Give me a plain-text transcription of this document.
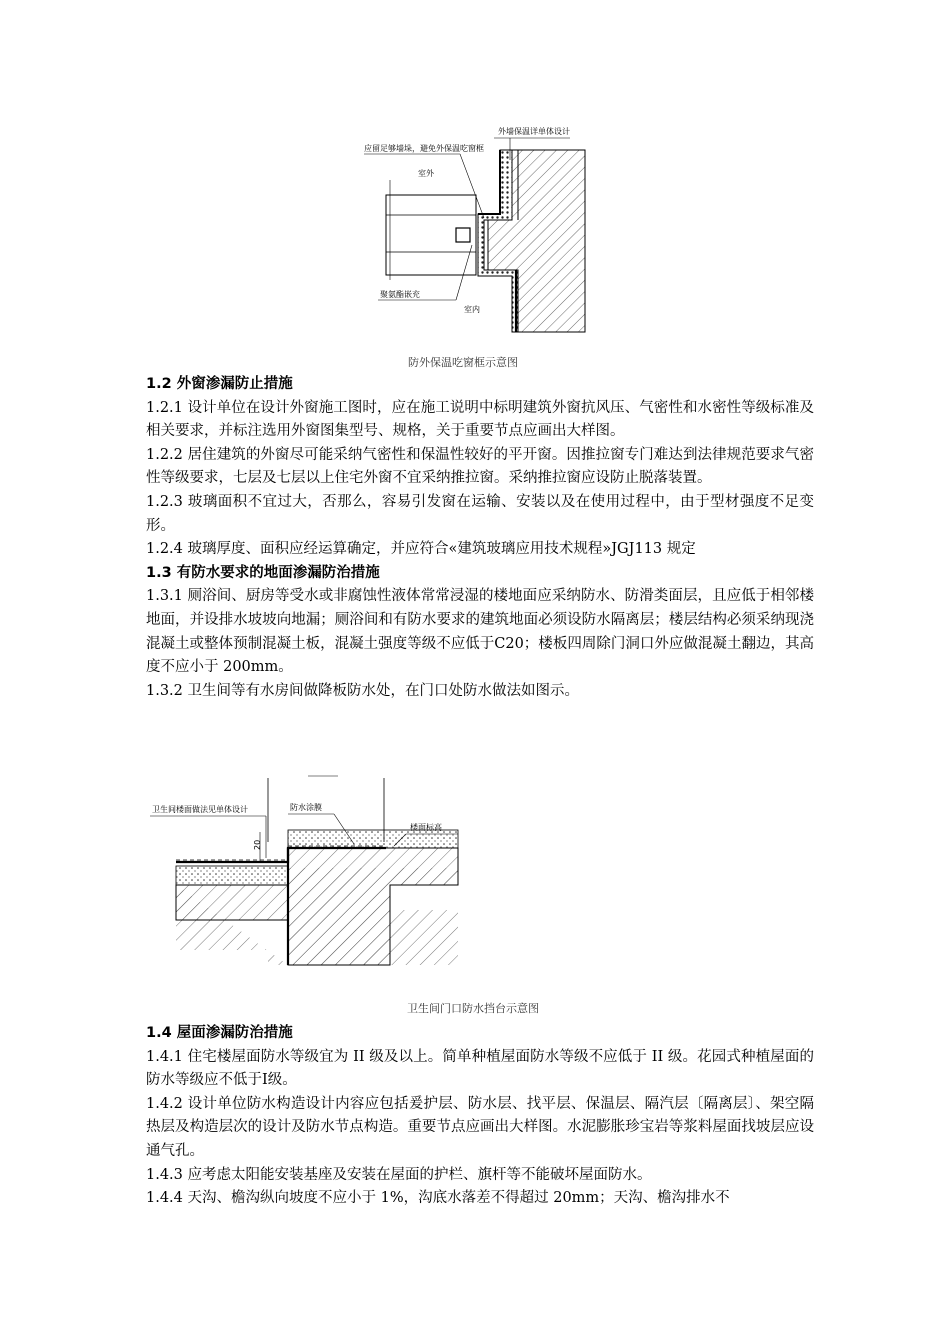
外墙保温详单体设计
应留足够墙垛，避免外保温吃窗框
室外
聚氨酯嵌充
室内
防外保温吃窗框示意图
1.2 外窗渗漏防止措施

1.2.1 设计单位在设计外窗施工图时，应在施工说明中标明建筑外窗抗风压、气密性和水密性等级标准及相关要求，并标注选用外窗图集型号、规格，关于重要节点应画出大样图。

1.2.2 居住建筑的外窗尽可能采纳气密性和保温性较好的平开窗。因推拉窗专门难达到法律规范要求气密性等级要求，七层及七层以上住宅外窗不宜采纳推拉窗。采纳推拉窗应设防止脱落装置。

1.2.3 玻璃面积不宜过大，否那么，容易引发窗在运输、安装以及在使用过程中，由于型材强度不足变形。

1.2.4 玻璃厚度、面积应经运算确定，并应符合«建筑玻璃应用技术规程»JGJ113 规定

1.3 有防水要求的地面渗漏防治措施

1.3.1 厕浴间、厨房等受水或非腐蚀性液体常常浸湿的楼地面应采纳防水、防滑类面层，且应低于相邻楼地面，并设排水坡坡向地漏；厕浴间和有防水要求的建筑地面必须设防水隔离层；楼层结构必须采纳现浇混凝土或整体预制混凝土板，混凝土强度等级不应低于C20；楼板四周除门洞口外应做混凝土翻边，其高度不应小于 200mm。

1.3.2 卫生间等有水房间做降板防水处，在门口处防水做法如图示。

卫生间楼面做法见单体设计	防水涂膜
楼面标高
20
卫生间门口防水挡台示意图
1.4 屋面渗漏防治措施

1.4.1 住宅楼屋面防水等级宜为 II 级及以上。简单种植屋面防水等级不应低于 II 级。花园式种植屋面的防水等级应不低于Ⅰ级。

1.4.2 设计单位防水构造设计内容应包括爰护层、防水层、找平层、保温层、隔汽层〔隔离层〕、架空隔热层及构造层次的设计及防水节点构造。重要节点应画出大样图。水泥膨胀珍宝岩等浆料屋面找坡层应设通气孔。

1.4.3 应考虑太阳能安装基座及安装在屋面的护栏、旗杆等不能破坏屋面防水。

1.4.4 天沟、檐沟纵向坡度不应小于 1%，沟底水落差不得超过 20mm；天沟、檐沟排水不
